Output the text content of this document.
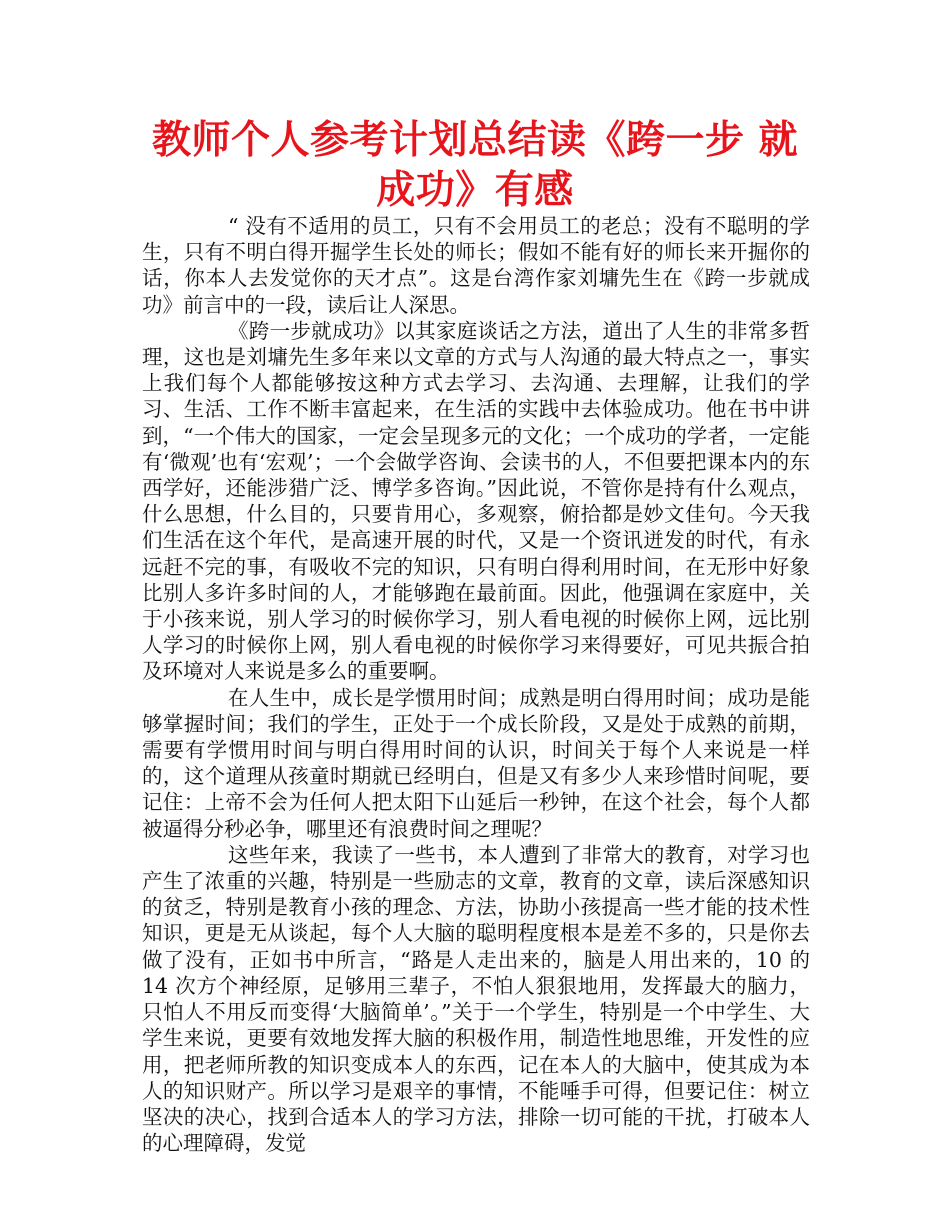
教师个人参考计划总结读《跨一步 就成功》有感

“ 没有不适用的员工，只有不会用员工的老总；没有不聪明的学生，只有不明白得开掘学生长处的师长；假如不能有好的师长来开掘你的话，你本人去发觉你的天才点”。这是台湾作家刘墉先生在《跨一步就成功》前言中的一段，读后让人深思。

《跨一步就成功》以其家庭谈话之方法，道出了人生的非常多哲理，这也是刘墉先生多年来以文章的方式与人沟通的最大特点之一，事实上我们每个人都能够按这种方式去学习、去沟通、去理解，让我们的学习、生活、工作不断丰富起来，在生活的实践中去体验成功。他在书中讲到，“一个伟大的国家，一定会呈现多元的文化；一个成功的学者，一定能有‘微观’也有‘宏观’；一个会做学咨询、会读书的人，不但要把课本内的东西学好，还能涉猎广泛、博学多咨询。”因此说，不管你是持有什么观点，什么思想，什么目的，只要肯用心，多观察，俯拾都是妙文佳句。今天我们生活在这个年代，是高速开展的时代，又是一个资讯迸发的时代，有永远赶不完的事，有吸收不完的知识，只有明白得利用时间，在无形中好象比别人多许多时间的人，才能够跑在最前面。因此，他强调在家庭中，关于小孩来说，别人学习的时候你学习，别人看电视的时候你上网，远比别人学习的时候你上网，别人看电视的时候你学习来得要好，可见共振合拍及环境对人来说是多么的重要啊。

在人生中，成长是学惯用时间；成熟是明白得用时间；成功是能够掌握时间；我们的学生，正处于一个成长阶段，又是处于成熟的前期，需要有学惯用时间与明白得用时间的认识，时间关于每个人来说是一样的，这个道理从孩童时期就已经明白，但是又有多少人来珍惜时间呢，要记住：上帝不会为任何人把太阳下山延后一秒钟，在这个社会，每个人都被逼得分秒必争，哪里还有浪费时间之理呢？

这些年来，我读了一些书，本人遭到了非常大的教育，对学习也产生了浓重的兴趣，特别是一些励志的文章，教育的文章，读后深感知识的贫乏，特别是教育小孩的理念、方法，协助小孩提高一些才能的技术性知识，更是无从谈起，每个人大脑的聪明程度根本是差不多的，只是你去做了没有，正如书中所言，“路是人走出来的，脑是人用出来的，10 的 14 次方个神经原，足够用三辈子，不怕人狠狠地用，发挥最大的脑力，只怕人不用反而变得‘大脑简单’。”关于一个学生，特别是一个中学生、大学生来说，更要有效地发挥大脑的积极作用，制造性地思维，开发性的应用，把老师所教的知识变成本人的东西，记在本人的大脑中，使其成为本人的知识财产。所以学习是艰辛的事情，不能唾手可得，但要记住：树立坚决的决心，找到合适本人的学习方法，排除一切可能的干扰，打破本人的心理障碍，发觉
